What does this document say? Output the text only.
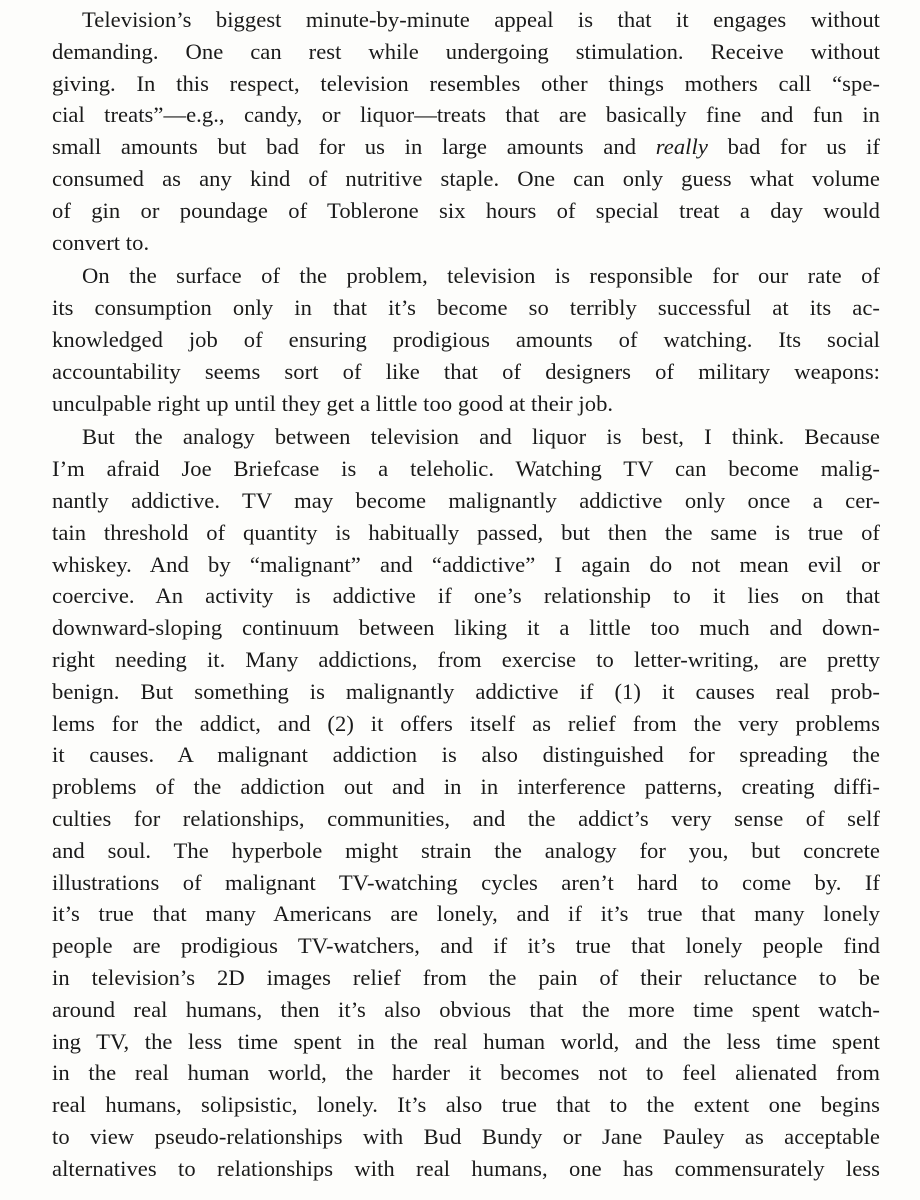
Television’s biggest minute-by-minute appeal is that it engages without
demanding. One can rest while undergoing stimulation. Receive without
giving. In this respect, television resembles other things mothers call “spe-
cial treats”—e.g., candy, or liquor—treats that are basically fine and fun in
small amounts but bad for us in large amounts and really bad for us if
consumed as any kind of nutritive staple. One can only guess what volume
of gin or poundage of Toblerone six hours of special treat a day would
convert to.
On the surface of the problem, television is responsible for our rate of
its consumption only in that it’s become so terribly successful at its ac-
knowledged job of ensuring prodigious amounts of watching. Its social
accountability seems sort of like that of designers of military weapons:
unculpable right up until they get a little too good at their job.
But the analogy between television and liquor is best, I think. Because
I’m afraid Joe Briefcase is a teleholic. Watching TV can become malig-
nantly addictive. TV may become malignantly addictive only once a cer-
tain threshold of quantity is habitually passed, but then the same is true of
whiskey. And by “malignant” and “addictive” I again do not mean evil or
coercive. An activity is addictive if one’s relationship to it lies on that
downward-sloping continuum between liking it a little too much and down-
right needing it. Many addictions, from exercise to letter-writing, are pretty
benign. But something is malignantly addictive if (1) it causes real prob-
lems for the addict, and (2) it offers itself as relief from the very problems
it causes. A malignant addiction is also distinguished for spreading the
problems of the addiction out and in in interference patterns, creating diffi-
culties for relationships, communities, and the addict’s very sense of self
and soul. The hyperbole might strain the analogy for you, but concrete
illustrations of malignant TV-watching cycles aren’t hard to come by. If
it’s true that many Americans are lonely, and if it’s true that many lonely
people are prodigious TV-watchers, and if it’s true that lonely people find
in television’s 2D images relief from the pain of their reluctance to be
around real humans, then it’s also obvious that the more time spent watch-
ing TV, the less time spent in the real human world, and the less time spent
in the real human world, the harder it becomes not to feel alienated from
real humans, solipsistic, lonely. It’s also true that to the extent one begins
to view pseudo-relationships with Bud Bundy or Jane Pauley as acceptable
alternatives to relationships with real humans, one has commensurately less
